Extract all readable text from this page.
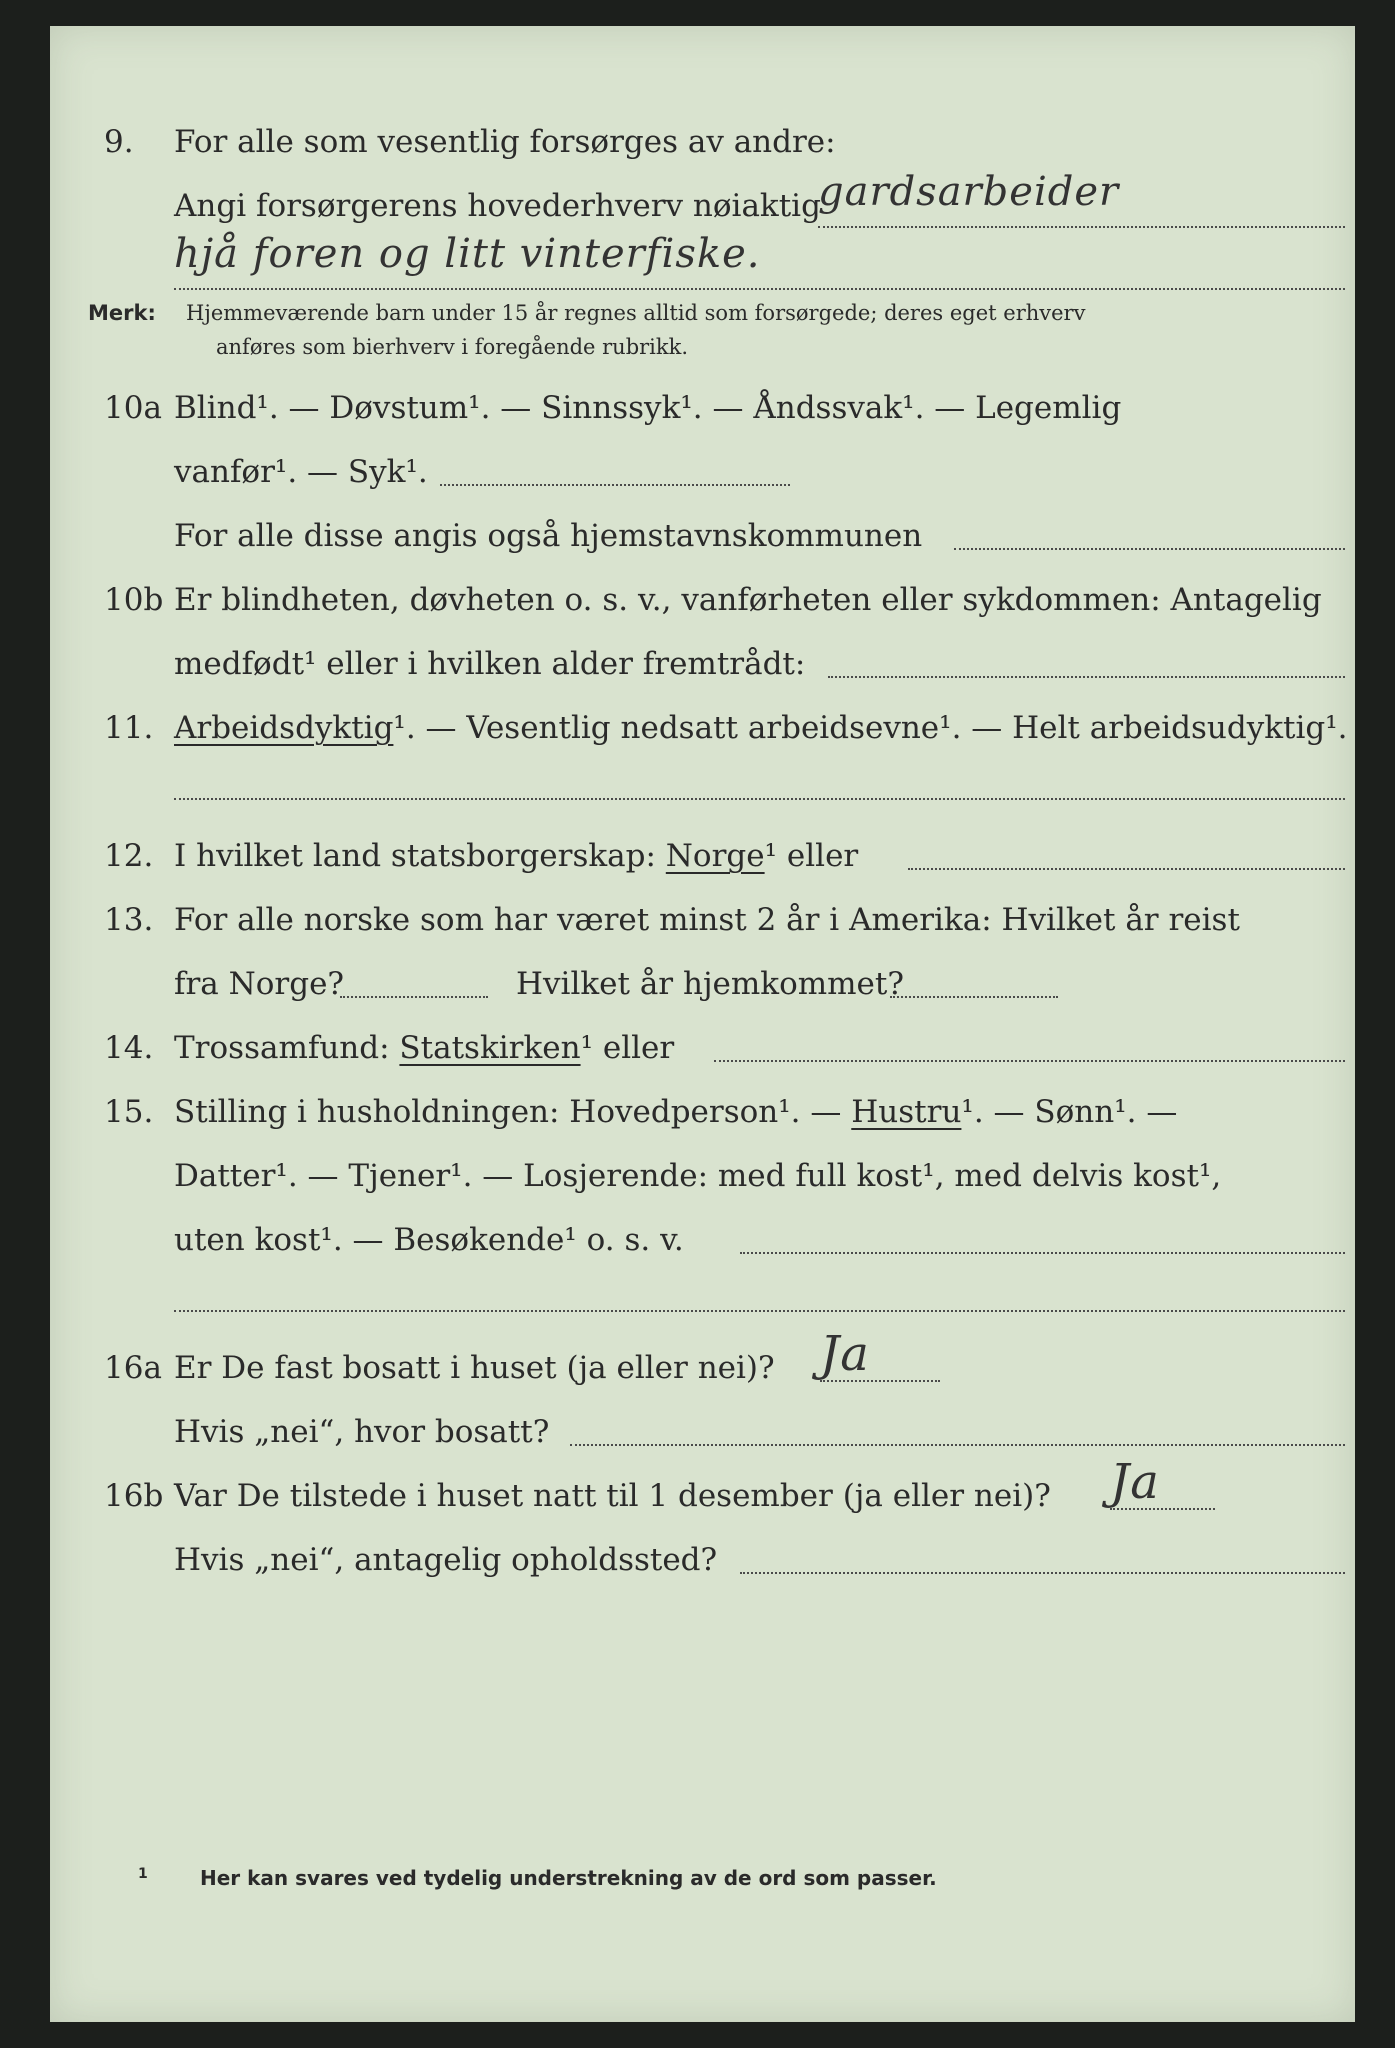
9. For alle som vesentlig forsørges av andre:
Angi forsørgerens hovederhverv nøiaktig
gardsarbeider
hjå foren og litt vinterfiske.
Merk: Hjemmeværende barn under 15 år regnes alltid som forsørgede; deres eget erhverv
anføres som bierhverv i foregående rubrikk.
10a Blind¹. — Døvstum¹. — Sinnssyk¹. — Åndssvak¹. — Legemlig
vanfør¹. — Syk¹.
For alle disse angis også hjemstavnskommunen
10b Er blindheten, døvheten o. s. v., vanførheten eller sykdommen: Antagelig
medfødt¹ eller i hvilken alder fremtrådt:
11. Arbeidsdyktig¹. — Vesentlig nedsatt arbeidsevne¹. — Helt arbeidsudyktig¹.
12. I hvilket land statsborgerskap: Norge¹ eller
13. For alle norske som har været minst 2 år i Amerika: Hvilket år reist
fra Norge?	Hvilket år hjemkommet?
14. Trossamfund: Statskirken¹ eller
15. Stilling i husholdningen: Hovedperson¹. — Hustru¹. — Sønn¹. —
Datter¹. — Tjener¹. — Losjerende: med full kost¹, med delvis kost¹,
uten kost¹. — Besøkende¹ o. s. v.
16a Er De fast bosatt i huset (ja eller nei)? Ja
Hvis „nei“, hvor bosatt?
16b Var De tilstede i huset natt til 1 desember (ja eller nei)? Ja
Hvis „nei“, antagelig opholdssted?
1	Her kan svares ved tydelig understrekning av de ord som passer.
